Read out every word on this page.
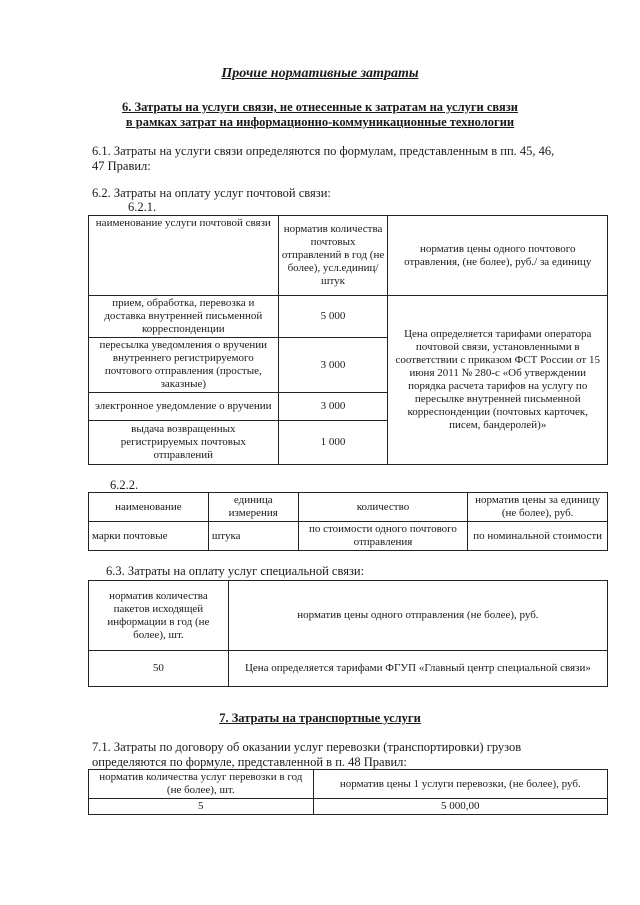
Прочие нормативные затраты
6. Затраты на услуги связи, не отнесенные к затратам на услуги связи
в рамках затрат на информационно-коммуникационные технологии
6.1. Затраты на услуги связи определяются по формулам, представленным в пп. 45, 46,
47 Правил:
6.2. Затраты на оплату услуг почтовой связи:
6.2.1.
наименование услуги почтовой связи	норматив количества почтовых отправлений в год (не более), усл.единиц/штук	норматив цены одного почтового отравления, (не более), руб./ за единицу
прием, обработка, перевозка и доставка внутренней письменной корреспонденции	5 000	Цена определяется тарифами оператора почтовой связи, установленными в соответствии с приказом ФСТ России от 15 июня 2011 № 280-с «Об утверждении порядка расчета тарифов на услугу по пересылке внутренней письменной корреспонденции (почтовых карточек, писем, бандеролей)»
пересылка уведомления о вручении внутреннего регистрируемого почтового отправления (простые, заказные)	3 000	
электронное уведомление о вручении	3 000	
выдача возвращенных регистрируемых почтовых отправлений	1 000	
6.2.2.
наименование	единица измерения	количество	норматив цены за единицу (не более), руб.
марки почтовые	штука	по стоимости одного почтового отправления	по номинальной стоимости
6.3. Затраты на оплату услуг специальной связи:
норматив количества пакетов исходящей информации в год (не более), шт.	норматив цены одного отправления (не более), руб.
50	Цена определяется тарифами ФГУП «Главный центр специальной связи»
7. Затраты на транспортные услуги
7.1. Затраты по договору об оказании услуг перевозки (транспортировки) грузов
определяются по формуле, представленной в п. 48 Правил:
норматив количества услуг перевозки в год (не более), шт.	норматив цены 1 услуги перевозки, (не более), руб.
5	5 000,00
